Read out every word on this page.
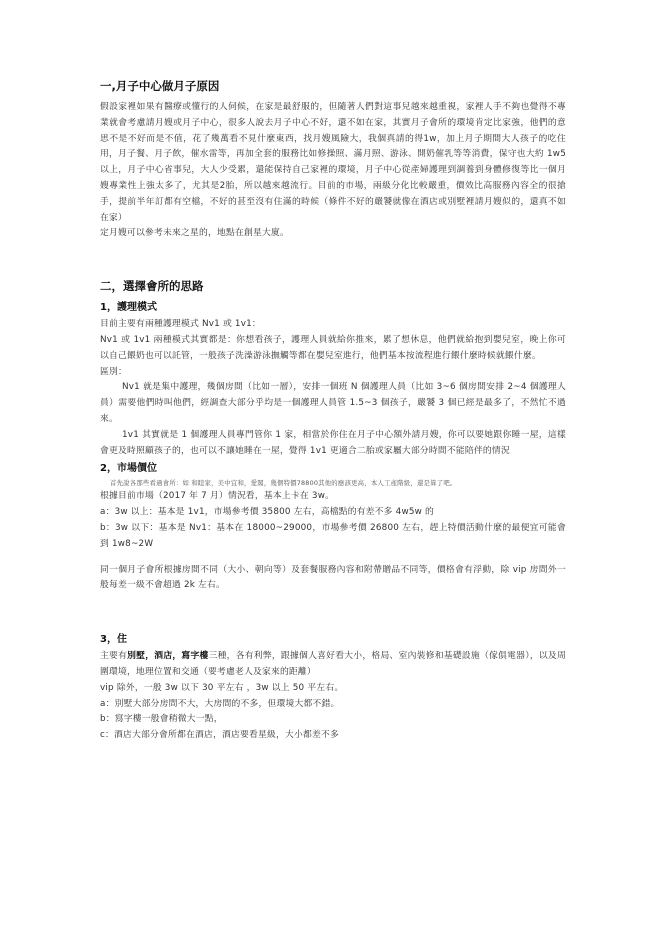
一,月子中心做月子原因

假設家裡如果有醫療或懂行的人伺候，在家是最舒服的，但隨著人們對這事兒越來越重視，家裡人手不夠也覺得不專業就會考慮請月嫂或月子中心，很多人說去月子中心不好，還不如在家，其實月子會所的環境肯定比家強，他們的意思不是不好而是不值，花了幾萬看不見什麼東西，找月嫂風險大，我個真請的得1w，加上月子期間大人孩子的吃住用，月子餐、月子飲，催水雷等，再加全套的服務比如修操照、滿月照、游泳、開奶催乳等等消費，保守也大約 1w5 以上，月子中心省事兒，大人少受累，還能保持自己家裡的環境，月子中心從產婦護理到調養到身體修復等比一個月嫂專業性上強太多了，尤其是2胎，所以越來越流行。目前的市場，兩級分化比較嚴重，價效比高服務內容全的很搶手，提前半年訂都有空檔，不好的甚至沒有住滿的時候（條件不好的嚴饕就像在酒店或別墅裡請月嫂似的，還真不如在家）

定月嫂可以參考未來之星的，地點在創星大廈。

二，選擇會所的思路
1，護理模式

目前主要有兩種護理模式 Nv1 或 1v1：

Nv1 或 1v1 兩種模式其實都是：你想看孩子，護理人員就給你推來，累了想休息，他們就給抱到嬰兒室，晚上你可以自己餵奶也可以託管，一般孩子洗澡游泳撫觸等都在嬰兒室進行，他們基本按流程進行餵什麼時候就餵什麼。

區別：

Nv1 就是集中護理，幾個房間（比如一層），安排一個班 N 個護理人員（比如 3~6 個房間安排 2~4 個護理人員）需要他們時叫他們，經調查大部分乎均是一個護理人員管 1.5~3 個孩子，嚴饕 3 個已經是最多了，不然忙不過來。

1v1 其實就是 1 個護理人員專門管你 1 家，相當於你住在月子中心額外請月嫂，你可以要她跟你睡一屋，這樣會更及時照顧孩子的，也可以不讓她睡在一屋，覺得 1v1 更適合二胎或家屬大部分時間不能陪伴的情況

2，市場價位

首先說各那些看過會所：如 和睦家，美中宜和，愛閣，幾個特價78800其他的應該更高，本人工產階級，還是算了吧。

根據目前市場（2017 年 7 月）情況看，基本上卡在 3w。

a：3w 以上：基本是 1v1，市場參考價 35800 左右，高檔點的有差不多 4w5w 的

b：3w 以下：基本是 Nv1：基本在 18000~29000，市場參考價 26800 左右，趕上特價活動什麼的最便宜可能會到 1w8~2W

同一個月子會所根據房間不同（大小、朝向等）及套餐服務內容和附帶贈品不同等，價格會有浮動，除 vip 房間外一般每差一級不會超過 2k 左右。

3，住

主要有別墅，酒店，寫字樓三種，各有利弊，跟據個人喜好看大小，格局、室內裝修和基礎設施（傢俱電器），以及周圍環境，地理位置和交通（要考慮老人及家來的距離）

vip 除外，一般 3w 以下 30 平左右 ，3w 以上 50 平左右。

a：別墅大部分房間不大，大房間的不多，但環境大都不錯。

b：寫字樓一般會稍微大一點，

c：酒店大部分會所都在酒店，酒店要看星級，大小都差不多
